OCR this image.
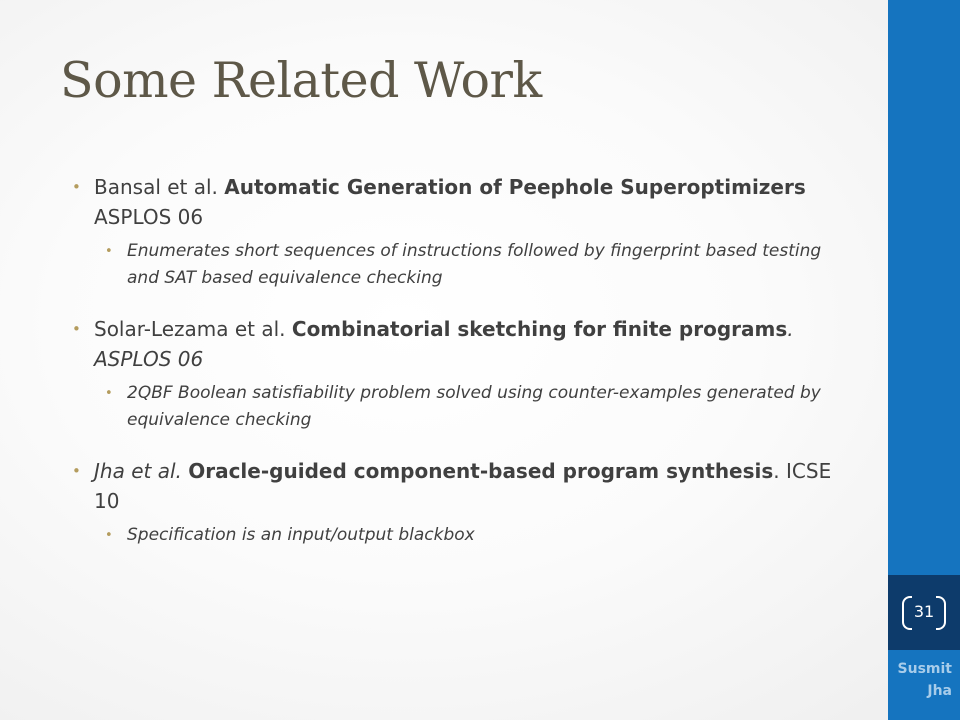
Some Related Work
• Bansal et al. Automatic Generation of Peephole Superoptimizers ASPLOS 06
• Enumerates short sequences of instructions followed by fingerprint based testing and SAT based equivalence checking
• Solar-Lezama et al. Combinatorial sketching for finite programs. ASPLOS 06
• 2QBF Boolean satisfiability problem solved using counter-examples generated by equivalence checking
• Jha et al. Oracle-guided component-based program synthesis. ICSE 10
• Specification is an input/output blackbox
31
Susmit
Jha
